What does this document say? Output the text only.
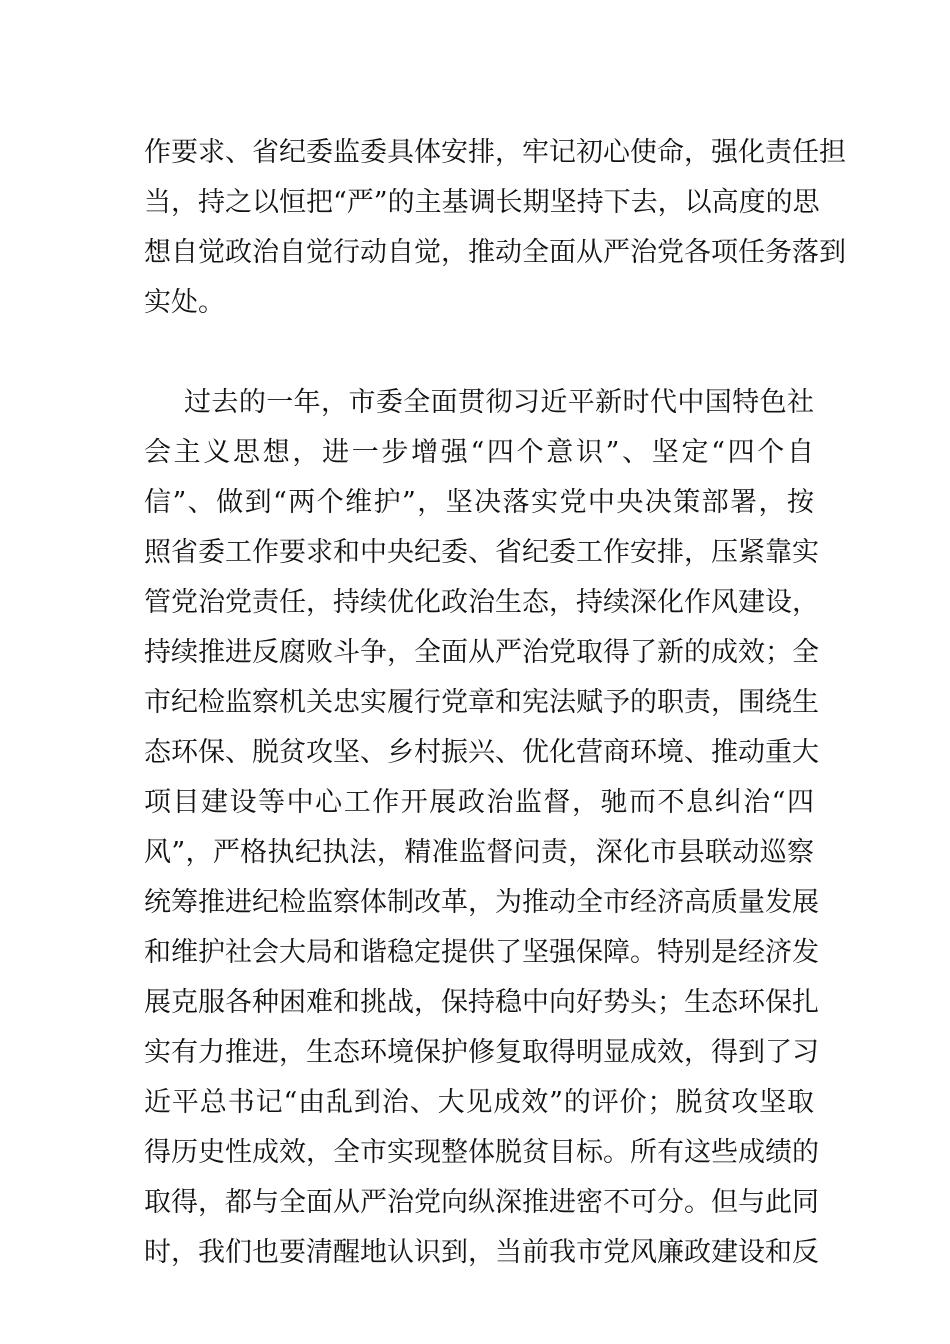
作要求、省纪委监委具体安排，牢记初心使命，强化责任担
当，持之以恒把“严”的主基调长期坚持下去，以高度的思
想自觉政治自觉行动自觉，推动全面从严治党各项任务落到
实处。
过去的一年，市委全面贯彻习近平新时代中国特色社
会主义思想，进一步增强“四个意识”、坚定“四个自
信”、做到“两个维护”，坚决落实党中央决策部署，按
照省委工作要求和中央纪委、省纪委工作安排，压紧靠实
管党治党责任，持续优化政治生态，持续深化作风建设，
持续推进反腐败斗争，全面从严治党取得了新的成效；全
市纪检监察机关忠实履行党章和宪法赋予的职责，围绕生
态环保、脱贫攻坚、乡村振兴、优化营商环境、推动重大
项目建设等中心工作开展政治监督，驰而不息纠治“四
风”，严格执纪执法，精准监督问责，深化市县联动巡察
统筹推进纪检监察体制改革，为推动全市经济高质量发展
和维护社会大局和谐稳定提供了坚强保障。特别是经济发
展克服各种困难和挑战，保持稳中向好势头；生态环保扎
实有力推进，生态环境保护修复取得明显成效，得到了习
近平总书记“由乱到治、大见成效”的评价；脱贫攻坚取
得历史性成效，全市实现整体脱贫目标。所有这些成绩的
取得，都与全面从严治党向纵深推进密不可分。但与此同
时，我们也要清醒地认识到，当前我市党风廉政建设和反
